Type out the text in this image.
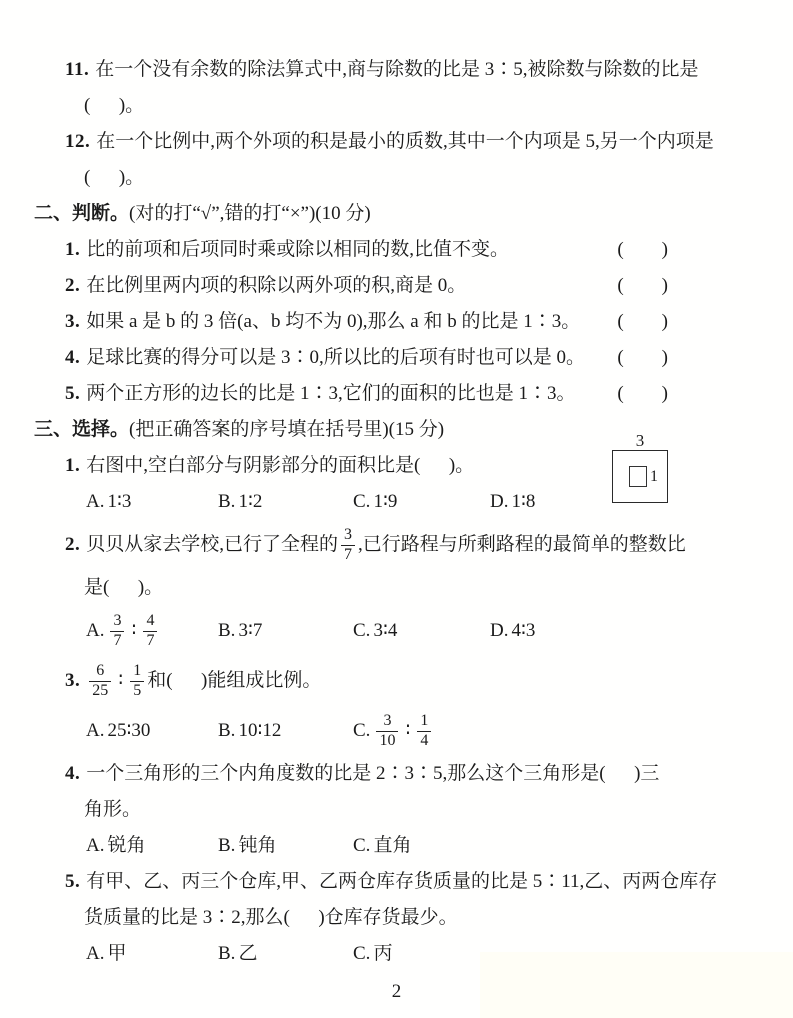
11. 在一个没有余数的除法算式中,商与除数的比是 3∶5,被除数与除数的比是
(      )。
12. 在一个比例中,两个外项的积是最小的质数,其中一个内项是 5,另一个内项是
(      )。
二、判断。(对的打“√”,错的打“×”)(10 分)
1. 比的前项和后项同时乘或除以相同的数,比值不变。	(        )
2. 在比例里两内项的积除以两外项的积,商是 0。	(        )
3. 如果 a 是 b 的 3 倍(a、b 均不为 0),那么 a 和 b 的比是 1∶3。	(        )
4. 足球比赛的得分可以是 3∶0,所以比的后项有时也可以是 0。	(        )
5. 两个正方形的边长的比是 1∶3,它们的面积的比也是 1∶3。	(        )
三、选择。(把正确答案的序号填在括号里)(15 分)
1. 右图中,空白部分与阴影部分的面积比是(      )。
A. 1∶3	B. 1∶2	C. 1∶9	D. 1∶8
3
1
2. 贝贝从家去学校,已行了全程的 $\frac{3}{7}$ ,已行路程与所剩路程的最简单的整数比
是(      )。
A. $\frac{3}{7}$ ∶ $\frac{4}{7}$	B. 3∶7	C. 3∶4	D. 4∶3
3. $\frac{6}{25}$ ∶ $\frac{1}{5}$ 和(      )能组成比例。
A. 25∶30	B. 10∶12	C. $\frac{3}{10}$ ∶ $\frac{1}{4}$
4. 一个三角形的三个内角度数的比是 2∶3∶5,那么这个三角形是(      )三
角形。
A. 锐角	B. 钝角	C. 直角
5. 有甲、乙、丙三个仓库,甲、乙两仓库存货质量的比是 5∶11,乙、丙两仓库存
货质量的比是 3∶2,那么(      )仓库存货最少。
A. 甲	B. 乙	C. 丙
2
